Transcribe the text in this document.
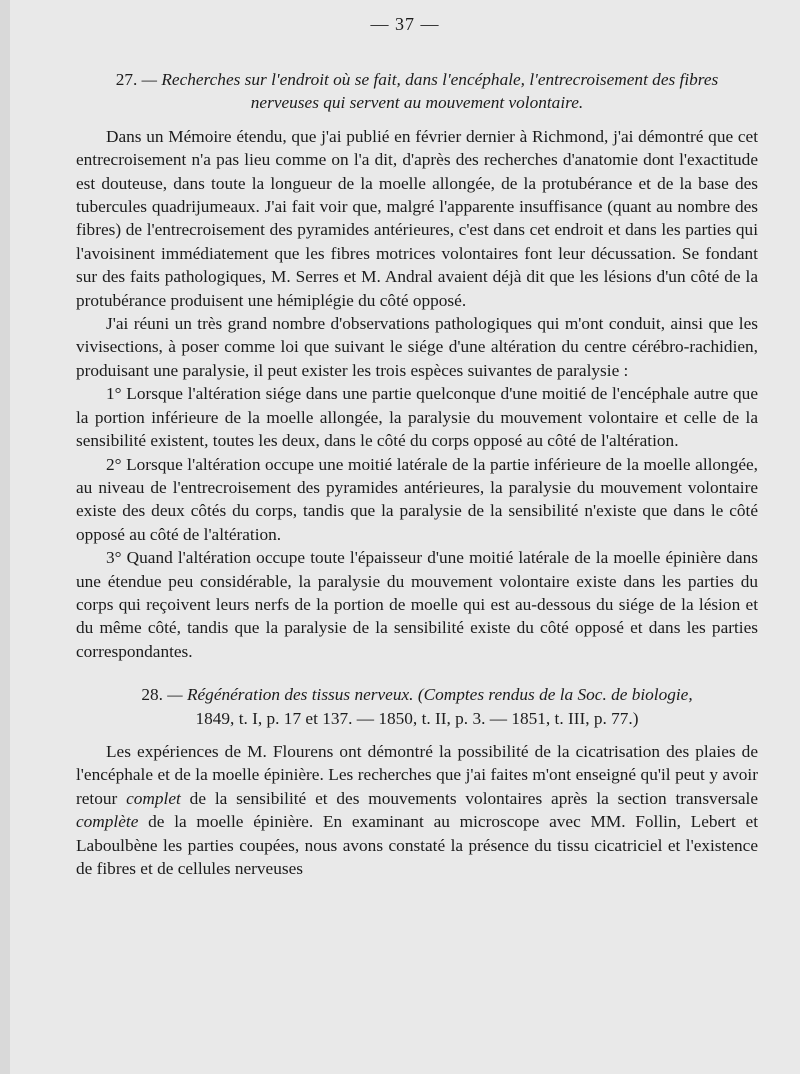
— 37 —

27. — Recherches sur l'endroit où se fait, dans l'encéphale, l'entrecroisement des fibres

nerveuses qui servent au mouvement volontaire.

Dans un Mémoire étendu, que j'ai publié en février dernier à Richmond, j'ai démontré que cet entrecroisement n'a pas lieu comme on l'a dit, d'après des recherches d'anatomie dont l'exactitude est douteuse, dans toute la longueur de la moelle allongée, de la protubérance et de la base des tubercules quadrijumeaux. J'ai fait voir que, malgré l'apparente insuffisance (quant au nombre des fibres) de l'entrecroisement des pyramides antérieures, c'est dans cet endroit et dans les parties qui l'avoisinent immédiatement que les fibres motrices volontaires font leur décussation. Se fondant sur des faits pathologiques, M. Serres et M. Andral avaient déjà dit que les lésions d'un côté de la protubérance produisent une hémiplégie du côté opposé.

J'ai réuni un très grand nombre d'observations pathologiques qui m'ont conduit, ainsi que les vivisections, à poser comme loi que suivant le siége d'une altération du centre cérébro-rachidien, produisant une paralysie, il peut exister les trois espèces suivantes de paralysie :

1° Lorsque l'altération siége dans une partie quelconque d'une moitié de l'encéphale autre que la portion inférieure de la moelle allongée, la paralysie du mouvement volontaire et celle de la sensibilité existent, toutes les deux, dans le côté du corps opposé au côté de l'altération.

2° Lorsque l'altération occupe une moitié latérale de la partie inférieure de la moelle allongée, au niveau de l'entrecroisement des pyramides antérieures, la paralysie du mouvement volontaire existe des deux côtés du corps, tandis que la paralysie de la sensibilité n'existe que dans le côté opposé au côté de l'altération.

3° Quand l'altération occupe toute l'épaisseur d'une moitié latérale de la moelle épinière dans une étendue peu considérable, la paralysie du mouvement volontaire existe dans les parties du corps qui reçoivent leurs nerfs de la portion de moelle qui est au-dessous du siége de la lésion et du même côté, tandis que la paralysie de la sensibilité existe du côté opposé et dans les parties correspondantes.

28. — Régénération des tissus nerveux. (Comptes rendus de la Soc. de biologie,

1849, t. I, p. 17 et 137. — 1850, t. II, p. 3. — 1851, t. III, p. 77.)

Les expériences de M. Flourens ont démontré la possibilité de la cicatrisation des plaies de l'encéphale et de la moelle épinière. Les recherches que j'ai faites m'ont enseigné qu'il peut y avoir retour complet de la sensibilité et des mouvements volontaires après la section transversale complète de la moelle épinière. En examinant au microscope avec MM. Follin, Lebert et Laboulbène les parties coupées, nous avons constaté la présence du tissu cicatriciel et l'existence de fibres et de cellules nerveuses
